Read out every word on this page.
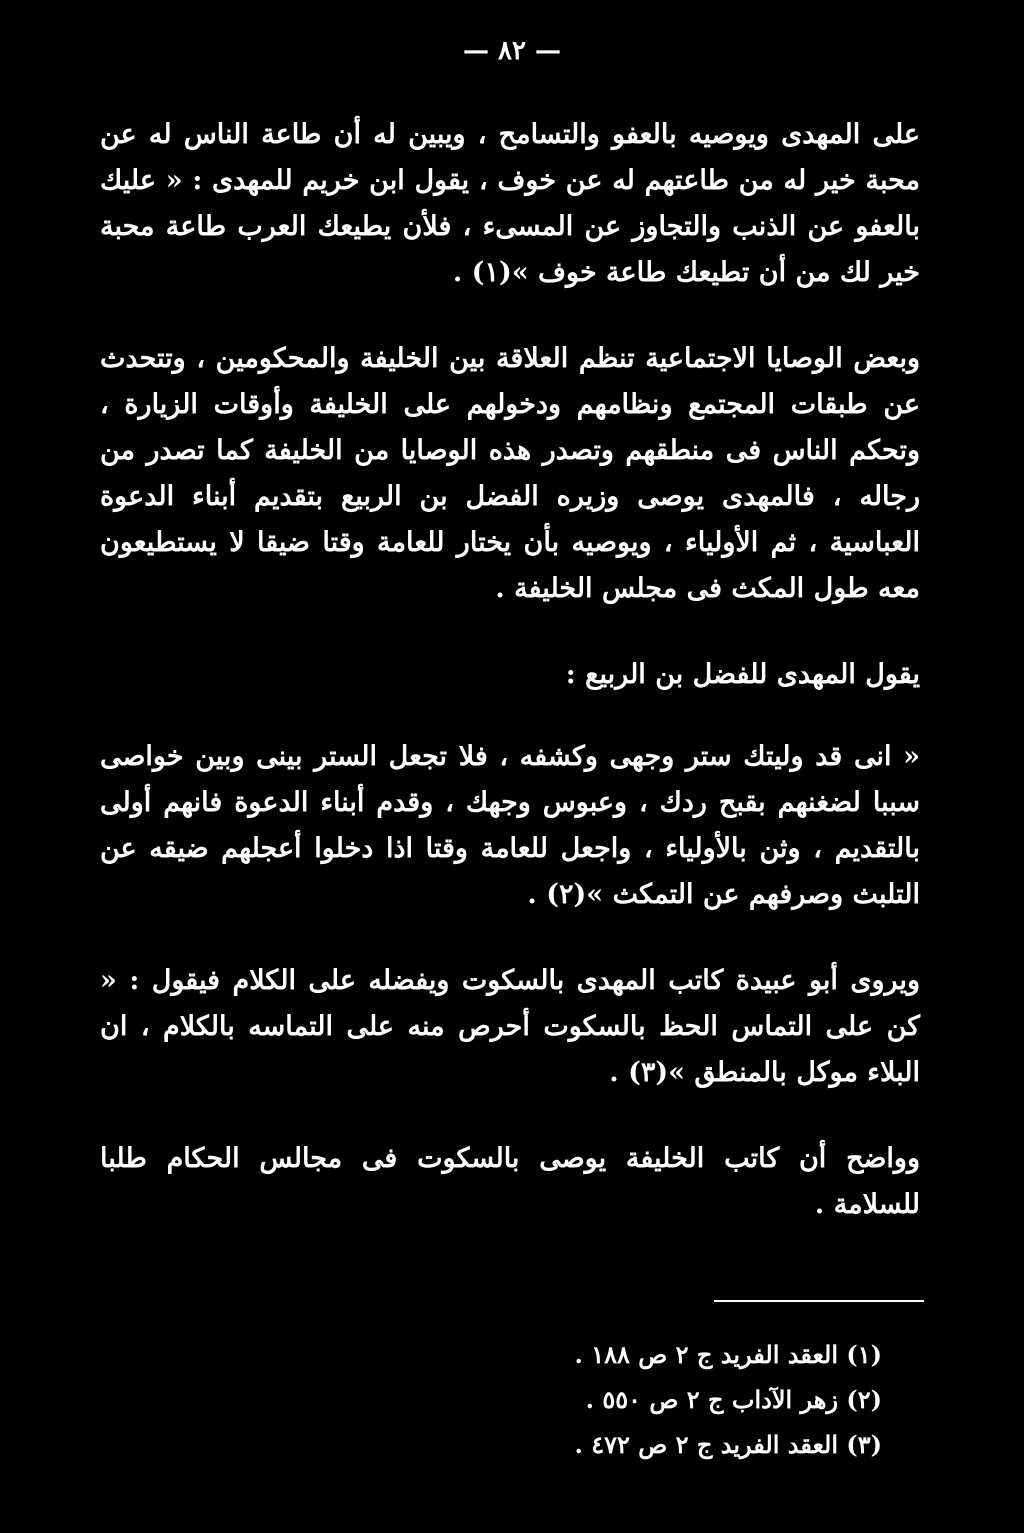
— ٨٢ —

على المهدى ويوصيه بالعفو والتسامح ، ويبين له أن طاعة الناس له عن محبة خير له من طاعتهم له عن خوف ، يقول ابن خريم للمهدى : « عليك بالعفو عن الذنب والتجاوز عن المسىء ، فلأن يطيعك العرب طاعة محبة خير لك من أن تطيعك طاعة خوف »(١) .

وبعض الوصايا الاجتماعية تنظم العلاقة بين الخليفة والمحكومين ، وتتحدث عن طبقات المجتمع ونظامهم ودخولهم على الخليفة وأوقات الزيارة ، وتحكم الناس فى منطقهم وتصدر هذه الوصايا من الخليفة كما تصدر من رجاله ، فالمهدى يوصى وزيره الفضل بن الربيع بتقديم أبناء الدعوة العباسية ، ثم الأولياء ، ويوصيه بأن يختار للعامة وقتا ضيقا لا يستطيعون معه طول المكث فى مجلس الخليفة .

يقول المهدى للفضل بن الربيع :

« انى قد وليتك ستر وجهى وكشفه ، فلا تجعل الستر بينى وبين خواصى سببا لضغنهم بقبح ردك ، وعبوس وجهك ، وقدم أبناء الدعوة فانهم أولى بالتقديم ، وثن بالأولياء ، واجعل للعامة وقتا اذا دخلوا أعجلهم ضيقه عن التلبث وصرفهم عن التمكث »(٢) .

ويروى أبو عبيدة كاتب المهدى بالسكوت ويفضله على الكلام فيقول : « كن على التماس الحظ بالسكوت أحرص منه على التماسه بالكلام ، ان البلاء موكل بالمنطق »(٣) .

وواضح أن كاتب الخليفة يوصى بالسكوت فى مجالس الحكام طلبا للسلامة .

(١) العقد الفريد ج ٢ ص ١٨٨ .
(٢) زهر الآداب ج ٢ ص ٥٥٠ .
(٣) العقد الفريد ج ٢ ص ٤٧٢ .
